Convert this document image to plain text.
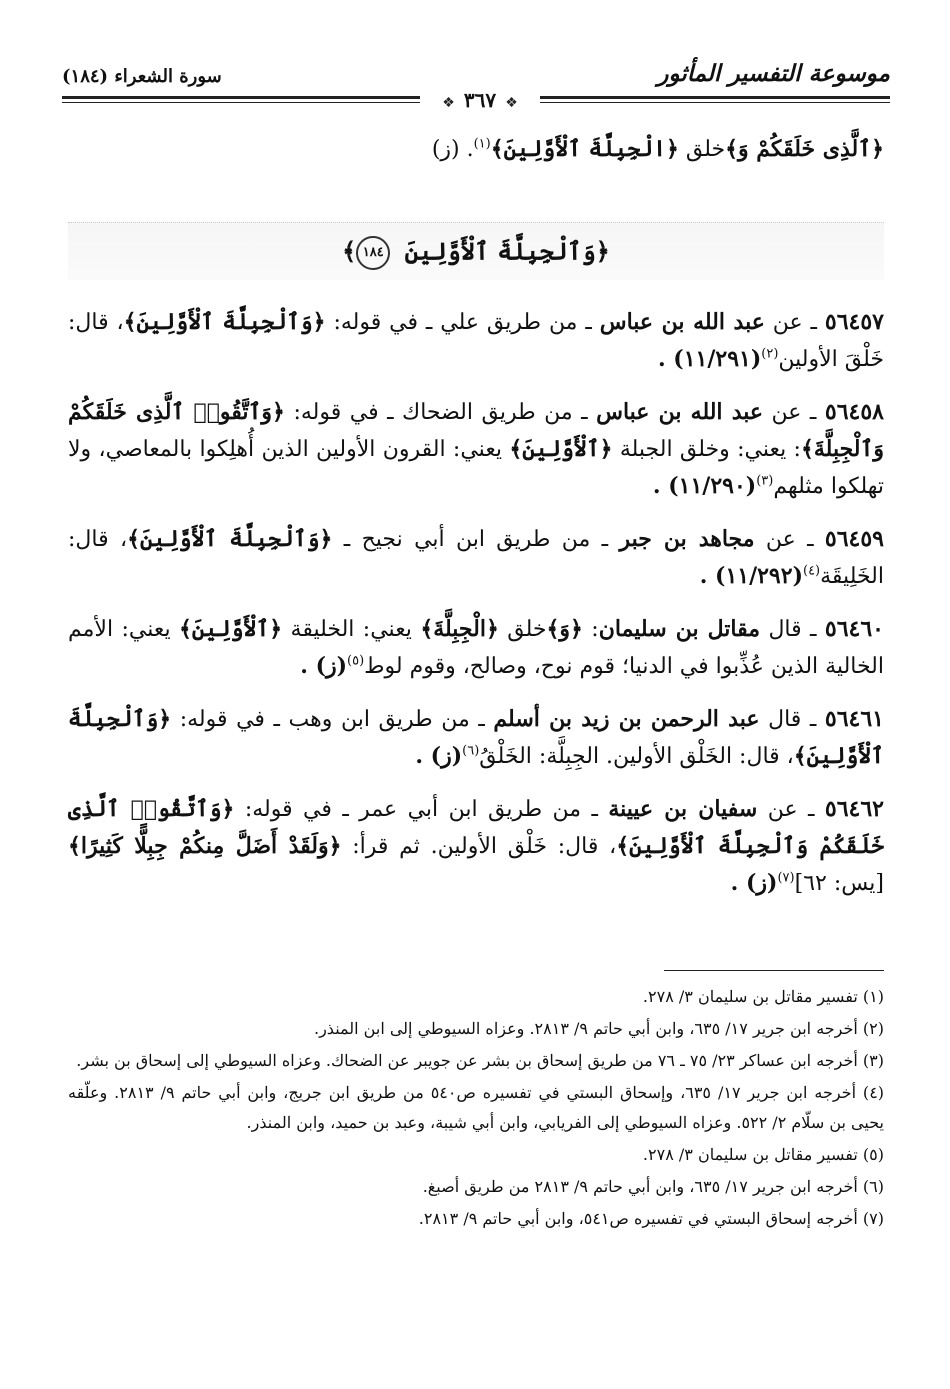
موسوعة التفسير المأثور
سورة الشعراء (١٨٤)
❖ ٣٦٧ ❖

﴿ٱلَّذِى خَلَقَكُمْ وَ﴾خلق ﴿الْجِبِلَّةَ ٱلْأَوَّلِينَ﴾$^{(١)}$. (ز)

﴿وَٱلْجِبِلَّةَ ٱلْأَوَّلِينَ ١٨٤﴾

٥٦٤٥٧ ـ عن عبد الله بن عباس ـ من طريق علي ـ في قوله: ﴿وَٱلْجِبِلَّةَ ٱلْأَوَّلِينَ﴾، قال: خَلْقَ الأولين$^{(٢)}$. (١١/٢٩١)

٥٦٤٥٨ ـ عن عبد الله بن عباس ـ من طريق الضحاك ـ في قوله: ﴿وَٱتَّقُوا۟ ٱلَّذِى خَلَقَكُمْ وَٱلْجِبِلَّةَ﴾: يعني: وخلق الجبلة ﴿ٱلْأَوَّلِينَ﴾ يعني: القرون الأولين الذين أُهلِكوا بالمعاصي، ولا تهلكوا مثلهم$^{(٣)}$. (١١/٢٩٠)

٥٦٤٥٩ ـ عن مجاهد بن جبر ـ من طريق ابن أبي نجيح ـ ﴿وَٱلْجِبِلَّةَ ٱلْأَوَّلِينَ﴾، قال: الخَلِيقَة$^{(٤)}$. (١١/٢٩٢)

٥٦٤٦٠ ـ قال مقاتل بن سليمان: ﴿وَ﴾خلق ﴿الْجِبِلَّةَ﴾ يعني: الخليقة ﴿ٱلْأَوَّلِينَ﴾ يعني: الأمم الخالية الذين عُذِّبوا في الدنيا؛ قوم نوح، وصالح، وقوم لوط$^{(٥)}$. (ز)

٥٦٤٦١ ـ قال عبد الرحمن بن زيد بن أسلم ـ من طريق ابن وهب ـ في قوله: ﴿وَٱلْجِبِلَّةَ ٱلْأَوَّلِينَ﴾، قال: الخَلْق الأولين. الجِبِلَّة: الخَلْقُ$^{(٦)}$. (ز)

٥٦٤٦٢ ـ عن سفيان بن عيينة ـ من طريق ابن أبي عمر ـ في قوله: ﴿وَٱتَّقُوا۟ ٱلَّذِى خَلَقَكُمْ وَٱلْجِبِلَّةَ ٱلْأَوَّلِينَ﴾، قال: خَلْق الأولين. ثم قرأ: ﴿وَلَقَدْ أَضَلَّ مِنكُمْ جِبِلًّا كَثِيرًا﴾ [يس: ٦٢]$^{(٧)}$. (ز)

(١) تفسير مقاتل بن سليمان ٣/ ٢٧٨.

(٢) أخرجه ابن جرير ١٧/ ٦٣٥، وابن أبي حاتم ٩/ ٢٨١٣. وعزاه السيوطي إلى ابن المنذر.

(٣) أخرجه ابن عساكر ٢٣/ ٧٥ ـ ٧٦ من طريق إسحاق بن بشر عن جويبر عن الضحاك. وعزاه السيوطي إلى إسحاق بن بشر.

(٤) أخرجه ابن جرير ١٧/ ٦٣٥، وإسحاق البستي في تفسيره ص٥٤٠ من طريق ابن جريج، وابن أبي حاتم ٩/ ٢٨١٣. وعلّقه يحيى بن سلّام ٢/ ٥٢٢. وعزاه السيوطي إلى الفريابي، وابن أبي شيبة، وعبد بن حميد، وابن المنذر.

(٥) تفسير مقاتل بن سليمان ٣/ ٢٧٨.

(٦) أخرجه ابن جرير ١٧/ ٦٣٥، وابن أبي حاتم ٩/ ٢٨١٣ من طريق أصبغ.

(٧) أخرجه إسحاق البستي في تفسيره ص٥٤١، وابن أبي حاتم ٩/ ٢٨١٣.
